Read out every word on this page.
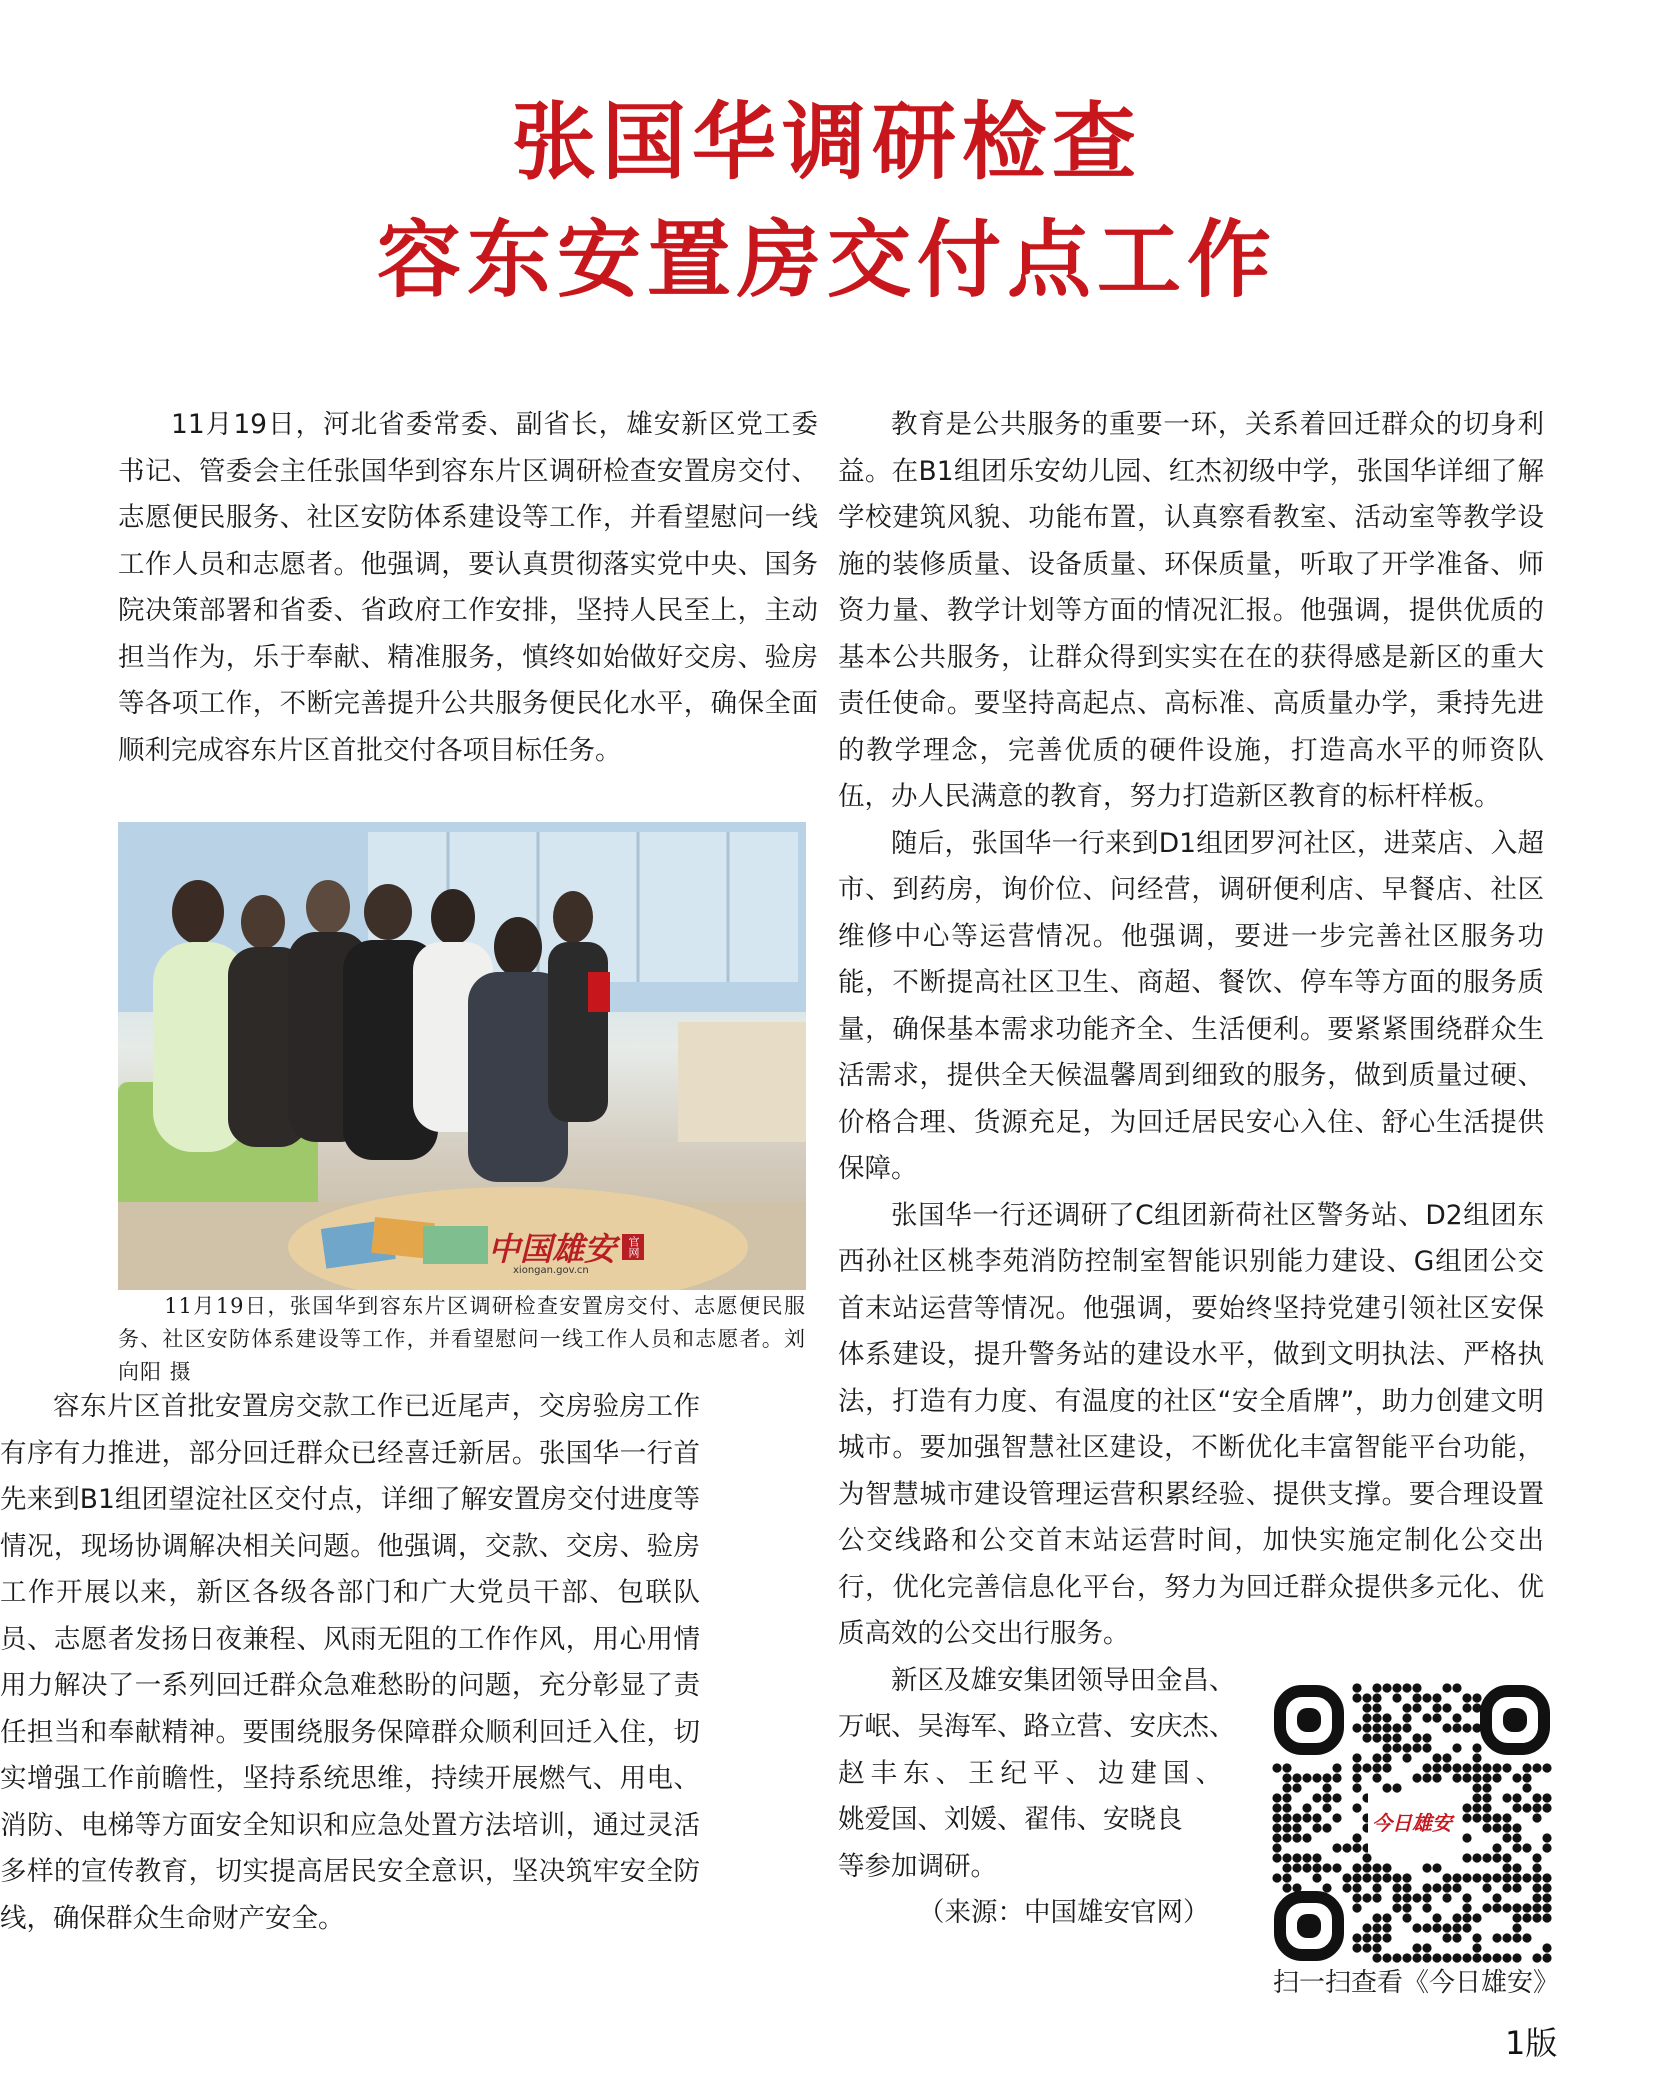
张国华调研检查
容东安置房交付点工作

11月19日，河北省委常委、副省长，雄安新区党工委书记、管委会主任张国华到容东片区调研检查安置房交付、志愿便民服务、社区安防体系建设等工作，并看望慰问一线工作人员和志愿者。他强调，要认真贯彻落实党中央、国务院决策部署和省委、省政府工作安排，坚持人民至上，主动担当作为，乐于奉献、精准服务，慎终如始做好交房、验房等各项工作，不断完善提升公共服务便民化水平，确保全面顺利完成容东片区首批交付各项目标任务。

中国雄安	官网
xiongan.gov.cn
11月19日，张国华到容东片区调研检查安置房交付、志愿便民服务、社区安防体系建设等工作，并看望慰问一线工作人员和志愿者。刘向阳 摄

容东片区首批安置房交款工作已近尾声，交房验房工作有序有力推进，部分回迁群众已经喜迁新居。张国华一行首先来到B1组团望淀社区交付点，详细了解安置房交付进度等情况，现场协调解决相关问题。他强调，交款、交房、验房工作开展以来，新区各级各部门和广大党员干部、包联队员、志愿者发扬日夜兼程、风雨无阻的工作作风，用心用情用力解决了一系列回迁群众急难愁盼的问题，充分彰显了责任担当和奉献精神。要围绕服务保障群众顺利回迁入住，切实增强工作前瞻性，坚持系统思维，持续开展燃气、用电、消防、电梯等方面安全知识和应急处置方法培训，通过灵活多样的宣传教育，切实提高居民安全意识，坚决筑牢安全防线，确保群众生命财产安全。

教育是公共服务的重要一环，关系着回迁群众的切身利益。在B1组团乐安幼儿园、红杰初级中学，张国华详细了解学校建筑风貌、功能布置，认真察看教室、活动室等教学设施的装修质量、设备质量、环保质量，听取了开学准备、师资力量、教学计划等方面的情况汇报。他强调，提供优质的基本公共服务，让群众得到实实在在的获得感是新区的重大责任使命。要坚持高起点、高标准、高质量办学，秉持先进的教学理念，完善优质的硬件设施，打造高水平的师资队伍，办人民满意的教育，努力打造新区教育的标杆样板。

随后，张国华一行来到D1组团罗河社区，进菜店、入超市、到药房，询价位、问经营，调研便利店、早餐店、社区维修中心等运营情况。他强调，要进一步完善社区服务功能，不断提高社区卫生、商超、餐饮、停车等方面的服务质量，确保基本需求功能齐全、生活便利。要紧紧围绕群众生活需求，提供全天候温馨周到细致的服务，做到质量过硬、价格合理、货源充足，为回迁居民安心入住、舒心生活提供保障。

张国华一行还调研了C组团新荷社区警务站、D2组团东西孙社区桃李苑消防控制室智能识别能力建设、G组团公交首末站运营等情况。他强调，要始终坚持党建引领社区安保体系建设，提升警务站的建设水平，做到文明执法、严格执法，打造有力度、有温度的社区“安全盾牌”，助力创建文明城市。要加强智慧社区建设，不断优化丰富智能平台功能，为智慧城市建设管理运营积累经验、提供支撑。要合理设置公交线路和公交首末站运营时间，加快实施定制化公交出行，优化完善信息化平台，努力为回迁群众提供多元化、优质高效的公交出行服务。

新区及雄安集团领导田金昌、
万岷、吴海军、路立营、安庆杰、
赵丰东、王纪平、边建国、
姚爱国、刘媛、翟伟、安晓良
等参加调研。
（来源：中国雄安官网）
今日雄安
扫一扫查看《今日雄安》
1版
